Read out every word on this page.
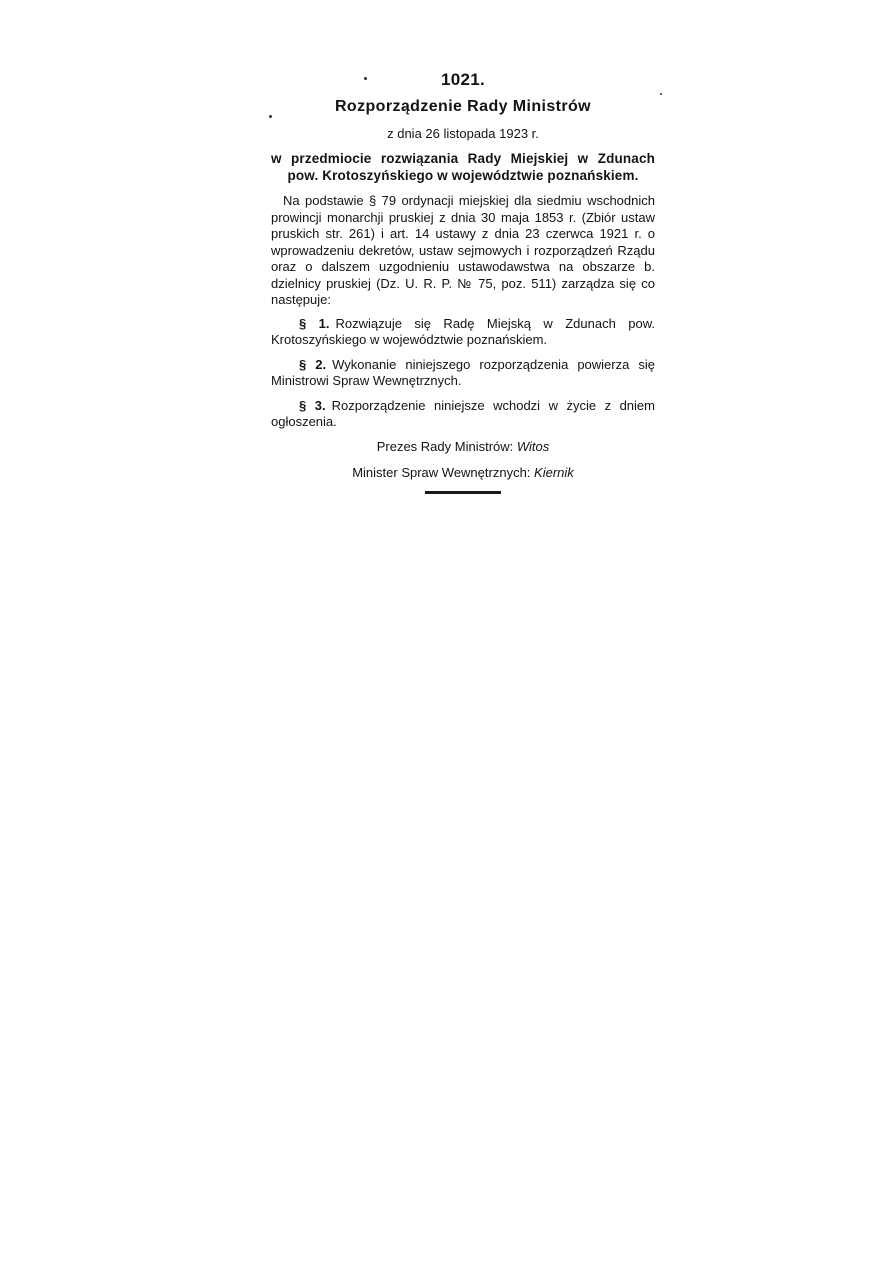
1021.
Rozporządzenie Rady Ministrów
z dnia 26 listopada 1923 r.
w przedmiocie rozwiązania Rady Miejskiej w Zdunach pow. Krotoszyńskiego w województwie poznańskiem.

Na podstawie § 79 ordynacji miejskiej dla siedmiu wschodnich prowincji monarchji pruskiej z dnia 30 maja 1853 r. (Zbiór ustaw pruskich str. 261) i art. 14 ustawy z dnia 23 czerwca 1921 r. o wprowadzeniu dekretów, ustaw sejmowych i rozporządzeń Rządu oraz o dalszem uzgodnieniu ustawodawstwa na obszarze b. dzielnicy pruskiej (Dz. U. R. P. № 75, poz. 511) zarządza się co następuje:

§ 1. Rozwiązuje się Radę Miejską w Zdunach pow. Krotoszyńskiego w województwie poznańskiem.

§ 2. Wykonanie niniejszego rozporządzenia powierza się Ministrowi Spraw Wewnętrznych.

§ 3. Rozporządzenie niniejsze wchodzi w życie z dniem ogłoszenia.

Prezes Rady Ministrów: Witos
Minister Spraw Wewnętrznych: Kiernik
